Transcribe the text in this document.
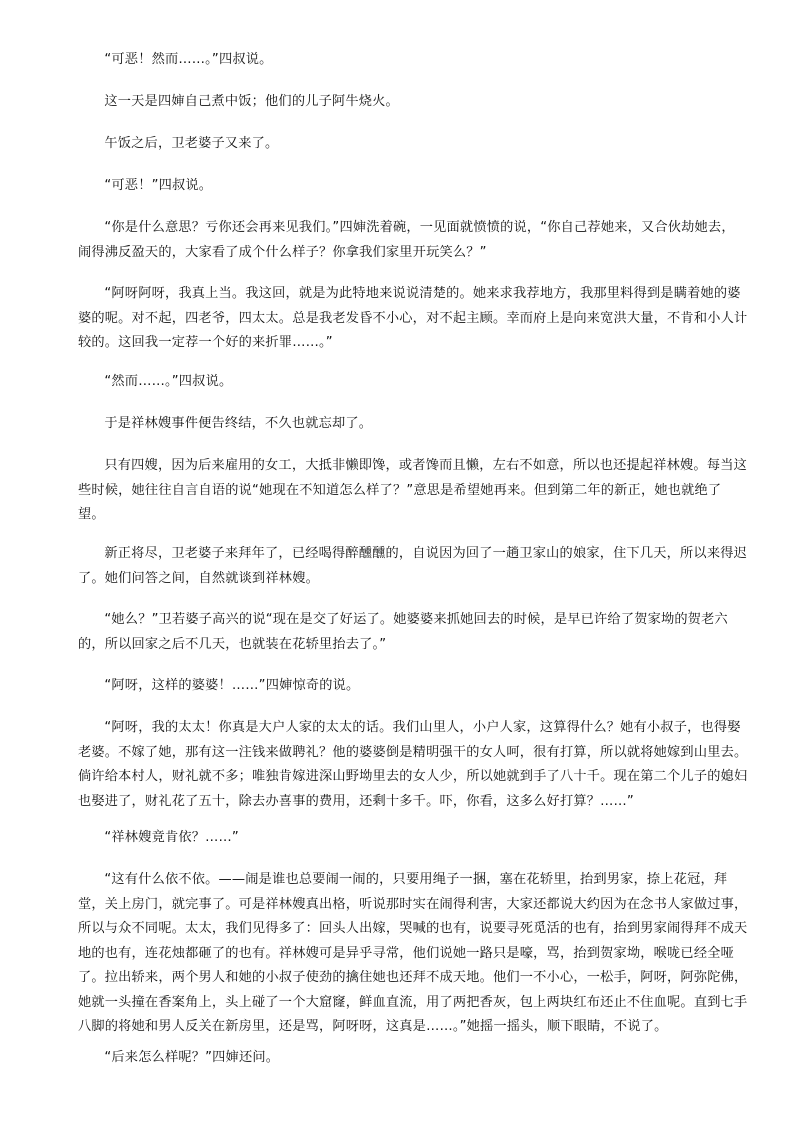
“可恶！然而……。”四叔说。

这一天是四婶自己煮中饭；他们的儿子阿牛烧火。

午饭之后，卫老婆子又来了。

“可恶！”四叔说。

“你是什么意思？亏你还会再来见我们。”四婶洗着碗，一见面就愤愤的说，“你自己荐她来，又合伙劫她去，闹得沸反盈天的，大家看了成个什么样子？你拿我们家里开玩笑么？”

“阿呀阿呀，我真上当。我这回，就是为此特地来说说清楚的。她来求我荐地方，我那里料得到是瞒着她的婆婆的呢。对不起，四老爷，四太太。总是我老发昏不小心，对不起主顾。幸而府上是向来宽洪大量，不肯和小人计较的。这回我一定荐一个好的来折罪……。”

“然而……。”四叔说。

于是祥林嫂事件便告终结，不久也就忘却了。

只有四嫂，因为后来雇用的女工，大抵非懒即馋，或者馋而且懒，左右不如意，所以也还提起祥林嫂。每当这些时候，她往往自言自语的说“她现在不知道怎么样了？”意思是希望她再来。但到第二年的新正，她也就绝了望。

新正将尽，卫老婆子来拜年了，已经喝得醉醺醺的，自说因为回了一趟卫家山的娘家，住下几天，所以来得迟了。她们问答之间，自然就谈到祥林嫂。

“她么？”卫若婆子高兴的说“现在是交了好运了。她婆婆来抓她回去的时候，是早已许给了贺家坳的贺老六的，所以回家之后不几天，也就装在花轿里抬去了。”

“阿呀，这样的婆婆！……”四婶惊奇的说。

“阿呀，我的太太！你真是大户人家的太太的话。我们山里人，小户人家，这算得什么？她有小叔子，也得娶老婆。不嫁了她，那有这一注钱来做聘礼？他的婆婆倒是精明强干的女人呵，很有打算，所以就将她嫁到山里去。倘许给本村人，财礼就不多；唯独肯嫁进深山野坳里去的女人少，所以她就到手了八十千。现在第二个儿子的媳妇也娶进了，财礼花了五十，除去办喜事的费用，还剩十多千。吓，你看，这多么好打算？……”

“祥林嫂竟肯依？……”

“这有什么依不依。——闹是谁也总要闹一闹的，只要用绳子一捆，塞在花轿里，抬到男家，捺上花冠，拜堂，关上房门，就完事了。可是祥林嫂真出格，听说那时实在闹得利害，大家还都说大约因为在念书人家做过事，所以与众不同呢。太太，我们见得多了：回头人出嫁，哭喊的也有，说要寻死觅活的也有，抬到男家闹得拜不成天地的也有，连花烛都砸了的也有。祥林嫂可是异乎寻常，他们说她一路只是嚎，骂，抬到贺家坳，喉咙已经全哑了。拉出轿来，两个男人和她的小叔子使劲的擒住她也还拜不成天地。他们一不小心，一松手，阿呀，阿弥陀佛，她就一头撞在香案角上，头上碰了一个大窟窿，鲜血直流，用了两把香灰，包上两块红布还止不住血呢。直到七手八脚的将她和男人反关在新房里，还是骂，阿呀呀，这真是……。”她摇一摇头，顺下眼睛，不说了。

“后来怎么样呢？”四婶还问。
